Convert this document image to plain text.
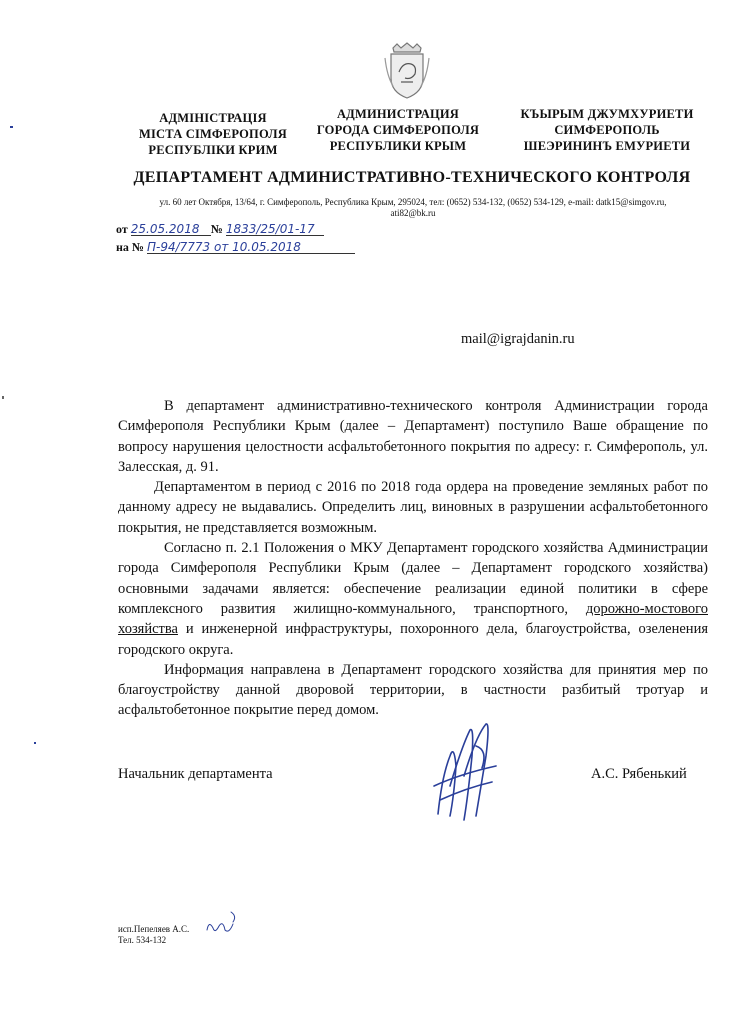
АДМІНІСТРАЦІЯ
МІСТА СІМФЕРОПОЛЯ
РЕСПУБЛІКИ КРИМ
АДМИНИСТРАЦИЯ
ГОРОДА СИМФЕРОПОЛЯ
РЕСПУБЛИКИ КРЫМ
КЪЫРЫМ ДЖУМХУРИЕТИ
СИМФЕРОПОЛЬ
ШЕЭРИНИНЪ ЕМУРИЕТИ
ДЕПАРТАМЕНТ АДМИНИСТРАТИВНО-ТЕХНИЧЕСКОГО КОНТРОЛЯ
ул. 60 лет Октября, 13/64, г. Симферополь, Республика Крым, 295024, тел: (0652) 534-132, (0652) 534-129, e-mail: datk15@simgov.ru,
ati82@bk.ru
от 25.05.2018 № 1833/25/01-17
на № П-94/7773 от 10.05.2018
mail@igrajdanin.ru

В департамент административно-технического контроля Администрации города Симферополя Республики Крым (далее – Департамент) поступило Ваше обращение по вопросу нарушения целостности асфальтобетонного покрытия по адресу: г. Симферополь, ул. Залесская, д. 91.

Департаментом в период с 2016 по 2018 года ордера на проведение земляных работ по данному адресу не выдавались. Определить лиц, виновных в разрушении асфальтобетонного покрытия, не представляется возможным.

Согласно п. 2.1 Положения о МКУ Департамент городского хозяйства Администрации города Симферополя Республики Крым (далее – Департамент городского хозяйства) основными задачами является: обеспечение реализации единой политики в сфере комплексного развития жилищно-коммунального, транспортного, дорожно-мостового хозяйства и инженерной инфраструктуры, похоронного дела, благоустройства, озеленения городского округа.

Информация направлена в Департамент городского хозяйства для принятия мер по благоустройству данной дворовой территории, в частности разбитый тротуар и асфальтобетонное покрытие перед домом.

Начальник департамента	А.С. Рябенький
исп.Пепеляев А.С.
Тел. 534-132
